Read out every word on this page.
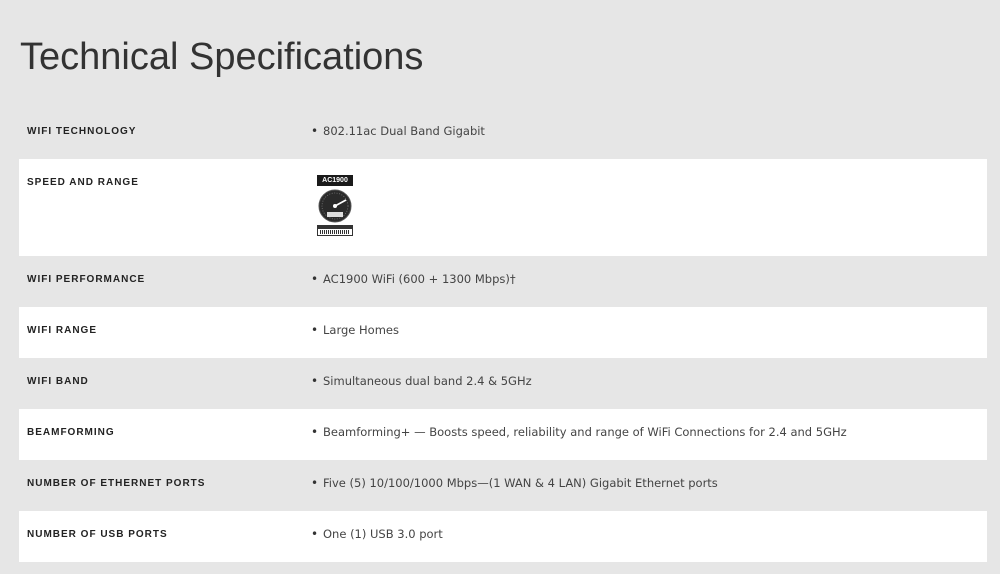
Technical Specifications
WIFI TECHNOLOGY	• 802.11ac Dual Band Gigabit
SPEED AND RANGE	AC1900
WIFI PERFORMANCE	• AC1900 WiFi (600 + 1300 Mbps)†
WIFI RANGE	• Large Homes
WIFI BAND	• Simultaneous dual band 2.4 & 5GHz
BEAMFORMING	• Beamforming+ — Boosts speed, reliability and range of WiFi Connections for 2.4 and 5GHz
NUMBER OF ETHERNET PORTS	• Five (5) 10/100/1000 Mbps—(1 WAN & 4 LAN) Gigabit Ethernet ports
NUMBER OF USB PORTS	• One (1) USB 3.0 port
